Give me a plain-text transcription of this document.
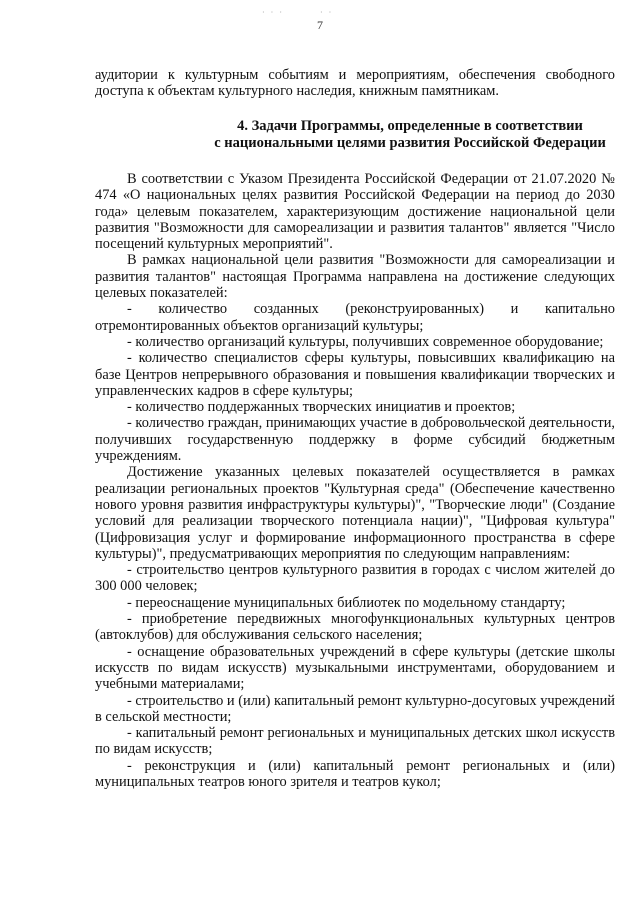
· · ·	· ·
7
аудитории к культурным событиям и мероприятиям, обеспечения свободного доступа к объектам культурного наследия, книжным памятникам.
4. Задачи Программы, определенные в соответствии
с национальными целями развития Российской Федерации

В соответствии с Указом Президента Российской Федерации от 21.07.2020 № 474 «О национальных целях развития Российской Федерации на период до 2030 года» целевым показателем, характеризующим достижение национальной цели развития "Возможности для самореализации и развития талантов" является "Число посещений культурных мероприятий".

В рамках национальной цели развития "Возможности для самореализации и развития талантов" настоящая Программа направлена на достижение следующих целевых показателей:

- количество созданных (реконструированных) и капитально отремонтированных объектов организаций культуры;

- количество организаций культуры, получивших современное оборудование;

- количество специалистов сферы культуры, повысивших квалификацию на базе Центров непрерывного образования и повышения квалификации творческих и управленческих кадров в сфере культуры;

- количество поддержанных творческих инициатив и проектов;

- количество граждан, принимающих участие в добровольческой деятельности, получивших государственную поддержку в форме субсидий бюджетным учреждениям.

Достижение указанных целевых показателей осуществляется в рамках реализации региональных проектов "Культурная среда" (Обеспечение качественно нового уровня развития инфраструктуры культуры)", "Творческие люди" (Создание условий для реализации творческого потенциала нации)", "Цифровая культура" (Цифровизация услуг и формирование информационного пространства в сфере культуры)", предусматривающих мероприятия по следующим направлениям:

- строительство центров культурного развития в городах с числом жителей до 300 000 человек;

- переоснащение муниципальных библиотек по модельному стандарту;

- приобретение передвижных многофункциональных культурных центров (автоклубов) для обслуживания сельского населения;

- оснащение образовательных учреждений в сфере культуры (детские школы искусств по видам искусств) музыкальными инструментами, оборудованием и учебными материалами;

- строительство и (или) капитальный ремонт культурно-досуговых учреждений в сельской местности;

- капитальный ремонт региональных и муниципальных детских школ искусств по видам искусств;

- реконструкция и (или) капитальный ремонт региональных и (или) муниципальных театров юного зрителя и театров кукол;
